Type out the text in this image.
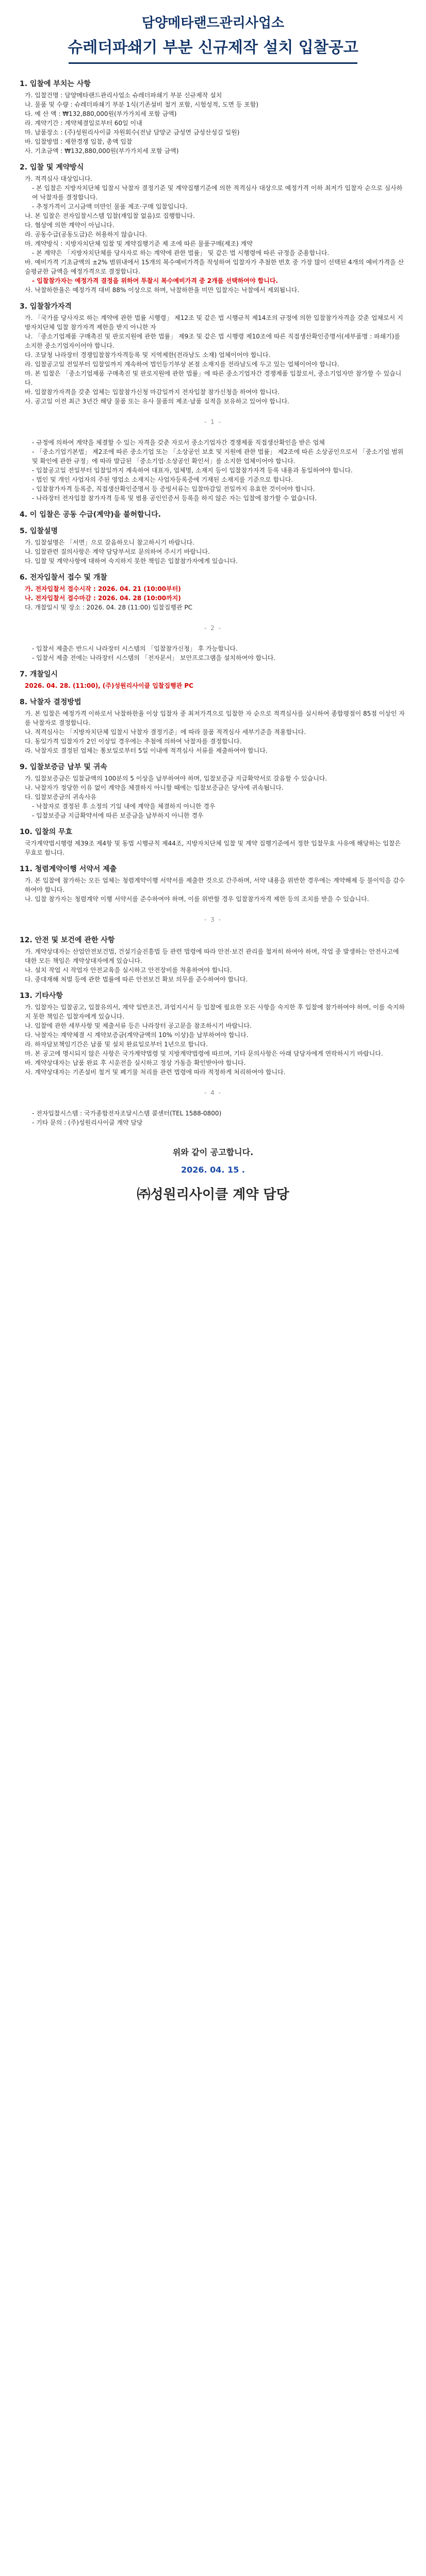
담양메타랜드관리사업소

슈레더파쇄기 부분 신규제작 설치 입찰공고

1. 입찰에 부치는 사항
가. 입찰건명 : 담양메타랜드관리사업소 슈레더파쇄기 부분 신규제작 설치
나. 물품 및 수량 : 슈레더파쇄기 부분 1식(기존설비 철거 포함, 시험성적, 도면 등 포함)
다. 예 산 액 : ₩132,880,000원(부가가치세 포함 금액)
라. 계약기간 : 계약체결일로부터 60일 이내
마. 납품장소 : (주)성원리사이클 자원회수(전남 담양군 금성면 금성산성길 일원)
바. 입찰방법 : 제한경쟁 입찰, 총액 입찰
사. 기초금액 : ₩132,880,000원(부가가치세 포함 금액)
2. 입찰 및 계약방식
가. 적격심사 대상입니다.
- 본 입찰은 지방자치단체 입찰시 낙찰자 결정기준 및 계약집행기준에 의한 적격심사 대상으로 예정가격 이하 최저가 입찰자 순으로 심사하여 낙찰자를 결정합니다.
- 추정가격이 고시금액 미만인 물품 제조·구매 입찰입니다.
나. 본 입찰은 전자입찰시스템 입찰(재입찰 없음)로 집행합니다.
다. 협상에 의한 계약이 아닙니다.
라. 공동수급(공동도급)은 허용하지 않습니다.
마. 계약방식 : 지방자치단체 입찰 및 계약집행기준 제 조에 따른 물품구매(제조) 계약
- 본 계약은 「지방자치단체를 당사자로 하는 계약에 관한 법률」 및 같은 법 시행령에 따른 규정을 준용합니다.
바. 예비가격 기초금액의 ±2% 범위내에서 15개의 복수예비가격을 작성하여 입찰자가 추첨한 번호 중 가장 많이 선택된 4개의 예비가격을 산술평균한 금액을 예정가격으로 결정합니다.
- 입찰참가자는 예정가격 결정을 위하여 투찰시 복수예비가격 중 2개를 선택하여야 합니다.
사. 낙찰하한율은 예정가격 대비 88% 이상으로 하며, 낙찰하한율 미만 입찰자는 낙찰에서 제외됩니다.
3. 입찰참가자격
가. 「국가를 당사자로 하는 계약에 관한 법률 시행령」 제12조 및 같은 법 시행규칙 제14조의 규정에 의한 입찰참가자격을 갖춘 업체로서 지방자치단체 입찰 참가자격 제한을 받지 아니한 자
나. 「중소기업제품 구매촉진 및 판로지원에 관한 법률」 제9조 및 같은 법 시행령 제10조에 따른 직접생산확인증명서(세부품명 : 파쇄기)를 소지한 중소기업자이어야 합니다.
다. 조달청 나라장터 경쟁입찰참가자격등록 및 지역제한(전라남도 소재) 업체이어야 합니다.
라. 입찰공고일 전일부터 입찰일까지 계속하여 법인등기부상 본점 소재지를 전라남도에 두고 있는 업체이어야 합니다.
마. 본 입찰은 「중소기업제품 구매촉진 및 판로지원에 관한 법률」에 따른 중소기업자간 경쟁제품 입찰로서, 중소기업자만 참가할 수 있습니다.
바. 입찰참가자격을 갖춘 업체는 입찰참가신청 마감일까지 전자입찰 참가신청을 하여야 합니다.
사. 공고일 이전 최근 3년간 해당 물품 또는 유사 물품의 제조·납품 실적을 보유하고 있어야 합니다.
- 1 -
- 규정에 의하여 계약을 체결할 수 있는 자격을 갖춘 자로서 중소기업자간 경쟁제품 직접생산확인을 받은 업체
- 「중소기업기본법」 제2조에 따른 중소기업 또는 「소상공인 보호 및 지원에 관한 법률」 제2조에 따른 소상공인으로서 「중소기업 범위 및 확인에 관한 규정」에 따라 발급된 「중소기업·소상공인 확인서」를 소지한 업체이어야 합니다.
- 입찰공고일 전일부터 입찰일까지 계속하여 대표자, 업체명, 소재지 등이 입찰참가자격 등록 내용과 동일하여야 합니다.
- 법인 및 개인 사업자의 주된 영업소 소재지는 사업자등록증에 기재된 소재지를 기준으로 합니다.
- 입찰참가자격 등록증, 직접생산확인증명서 등 증빙서류는 입찰마감일 전일까지 유효한 것이어야 합니다.
- 나라장터 전자입찰 참가자격 등록 및 범용 공인인증서 등록을 하지 않은 자는 입찰에 참가할 수 없습니다.
4. 이 입찰은 공동 수급(계약)을 불허합니다.
5. 입찰설명
가. 입찰설명은 「서면」으로 갈음하오니 참고하시기 바랍니다.
나. 입찰관련 질의사항은 계약 담당부서로 문의하여 주시기 바랍니다.
다. 입찰 및 계약사항에 대하여 숙지하지 못한 책임은 입찰참가자에게 있습니다.
6. 전자입찰서 접수 및 개찰
가. 전자입찰서 접수시작 : 2026. 04. 21 (10:00부터)
나. 전자입찰서 접수마감 : 2026. 04. 28 (10:00까지)
다. 개찰일시 및 장소 : 2026. 04. 28 (11:00) 입찰집행관 PC
- 2 -
- 입찰서 제출은 반드시 나라장터 시스템의 「입찰참가신청」 후 가능합니다.
- 입찰서 제출 전에는 나라장터 시스템의 「전자문서」 보안프로그램을 설치하여야 합니다.
7. 개찰일시
2026. 04. 28. (11:00), (주)성원리사이클 입찰집행관 PC
8. 낙찰자 결정방법
가. 본 입찰은 예정가격 이하로서 낙찰하한율 이상 입찰자 중 최저가격으로 입찰한 자 순으로 적격심사를 실시하여 종합평점이 85점 이상인 자를 낙찰자로 결정합니다.
나. 적격심사는 「지방자치단체 입찰시 낙찰자 결정기준」에 따라 물품 적격심사 세부기준을 적용합니다.
다. 동일가격 입찰자가 2인 이상일 경우에는 추첨에 의하여 낙찰자를 결정합니다.
라. 낙찰자로 결정된 업체는 통보일로부터 5일 이내에 적격심사 서류를 제출하여야 합니다.
9. 입찰보증금 납부 및 귀속
가. 입찰보증금은 입찰금액의 100분의 5 이상을 납부하여야 하며, 입찰보증금 지급확약서로 갈음할 수 있습니다.
나. 낙찰자가 정당한 이유 없이 계약을 체결하지 아니할 때에는 입찰보증금은 당사에 귀속됩니다.
다. 입찰보증금의 귀속사유
- 낙찰자로 결정된 후 소정의 기일 내에 계약을 체결하지 아니한 경우
- 입찰보증금 지급확약서에 따른 보증금을 납부하지 아니한 경우
10. 입찰의 무효
국가계약법시행령 제39조 제4항 및 동법 시행규칙 제44조, 지방자치단체 입찰 및 계약 집행기준에서 정한 입찰무효 사유에 해당하는 입찰은 무효로 합니다.
11. 청렴계약이행 서약서 제출
가. 본 입찰에 참가하는 모든 업체는 청렴계약이행 서약서를 제출한 것으로 간주하며, 서약 내용을 위반한 경우에는 계약해제 등 불이익을 감수하여야 합니다.
나. 입찰 참가자는 청렴계약 이행 서약서를 준수하여야 하며, 이를 위반할 경우 입찰참가자격 제한 등의 조치를 받을 수 있습니다.
- 3 -
12. 안전 및 보건에 관한 사항
가. 계약상대자는 산업안전보건법, 건설기술진흥법 등 관련 법령에 따라 안전·보건 관리를 철저히 하여야 하며, 작업 중 발생하는 안전사고에 대한 모든 책임은 계약상대자에게 있습니다.
나. 설치 작업 시 작업자 안전교육을 실시하고 안전장비를 착용하여야 합니다.
다. 중대재해 처벌 등에 관한 법률에 따른 안전보건 확보 의무를 준수하여야 합니다.
13. 기타사항
가. 입찰자는 입찰공고, 입찰유의서, 계약 일반조건, 과업지시서 등 입찰에 필요한 모든 사항을 숙지한 후 입찰에 참가하여야 하며, 이를 숙지하지 못한 책임은 입찰자에게 있습니다.
나. 입찰에 관한 세부사항 및 제출서류 등은 나라장터 공고문을 참조하시기 바랍니다.
다. 낙찰자는 계약체결 시 계약보증금(계약금액의 10% 이상)을 납부하여야 합니다.
라. 하자담보책임기간은 납품 및 설치 완료일로부터 1년으로 합니다.
마. 본 공고에 명시되지 않은 사항은 국가계약법령 및 지방계약법령에 따르며, 기타 문의사항은 아래 담당자에게 연락하시기 바랍니다.
바. 계약상대자는 납품 완료 후 시운전을 실시하고 정상 가동을 확인받아야 합니다.
사. 계약상대자는 기존설비 철거 및 폐기물 처리를 관련 법령에 따라 적정하게 처리하여야 합니다.
- 4 -
- 전자입찰시스템 : 국가종합전자조달시스템 콜센터(TEL 1588-0800)
- 기타 문의 : (주)성원리사이클 계약 담당
위와 같이 공고합니다.
2026. 04. 15 .
㈜성원리사이클 계약 담당
